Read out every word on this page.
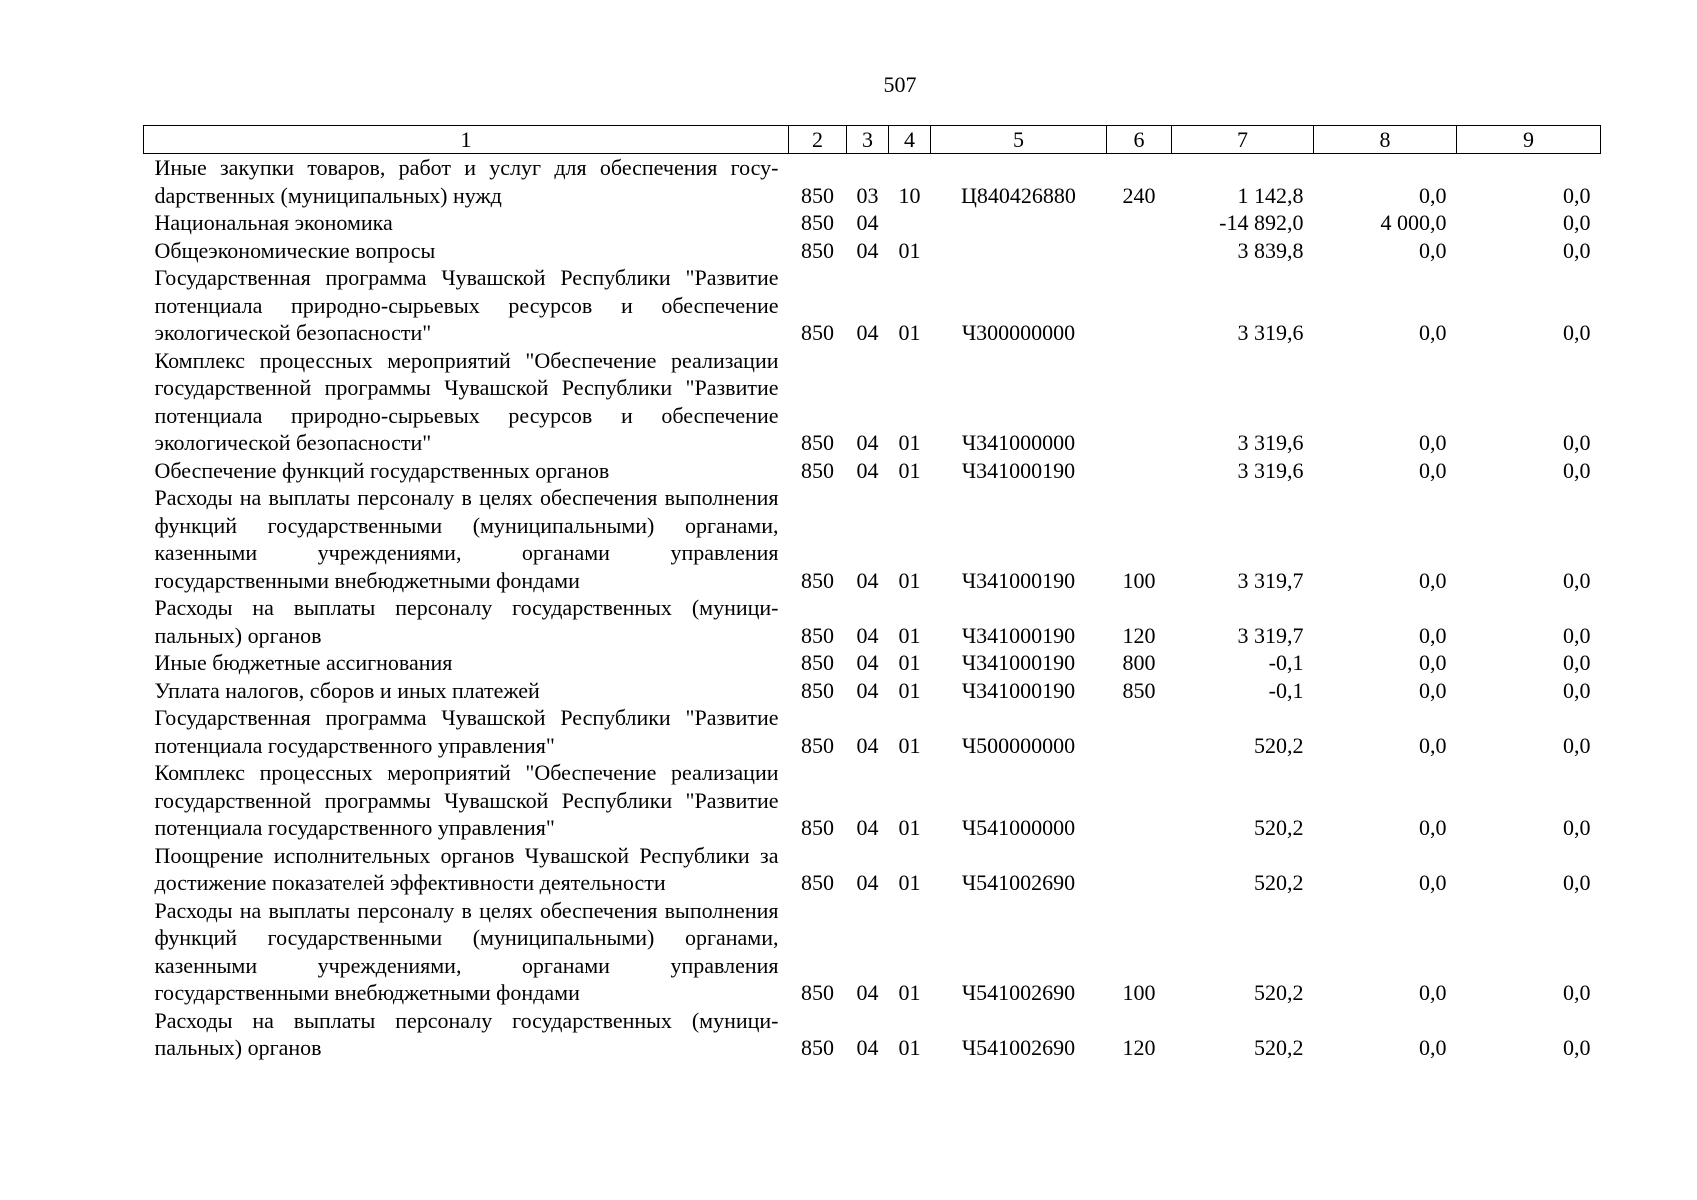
507
1	2	3	4	5	6	7	8	9
Иные закупки товаров, работ и услуг для обеспечения госуdарственных (муниципальных) нужд	850	03	10	Ц840426880	240	1 142,8	0,0	0,0
Национальная экономика	850	04				-14 892,0	4 000,0	0,0
Общеэкономические вопросы	850	04	01			3 839,8	0,0	0,0
Государственная программа Чувашской Республики "Развитие потенциала природно-сырьевых ресурсов и обеспечение экологической безопасности"	850	04	01	Ч300000000		3 319,6	0,0	0,0
Комплекс процессных мероприятий "Обеспечение реализации государственной программы Чувашской Республики "Развитие потенциала природно-сырьевых ресурсов и обеспечение экологической безопасности"	850	04	01	Ч341000000		3 319,6	0,0	0,0
Обеспечение функций государственных органов	850	04	01	Ч341000190		3 319,6	0,0	0,0
Расходы на выплаты персоналу в целях обеспечения выполнения функций государственными (муниципальными) органами, казенными учреждениями, органами управления государственными внебюджетными фондами	850	04	01	Ч341000190	100	3 319,7	0,0	0,0
Расходы на выплаты персоналу государственных (муниципальных) органов	850	04	01	Ч341000190	120	3 319,7	0,0	0,0
Иные бюджетные ассигнования	850	04	01	Ч341000190	800	-0,1	0,0	0,0
Уплата налогов, сборов и иных платежей	850	04	01	Ч341000190	850	-0,1	0,0	0,0
Государственная программа Чувашской Республики "Развитие потенциала государственного управления"	850	04	01	Ч500000000		520,2	0,0	0,0
Комплекс процессных мероприятий "Обеспечение реализации государственной программы Чувашской Республики "Развитие потенциала государственного управления"	850	04	01	Ч541000000		520,2	0,0	0,0
Поощрение исполнительных органов Чувашской Республики за достижение показателей эффективности деятельности	850	04	01	Ч541002690		520,2	0,0	0,0
Расходы на выплаты персоналу в целях обеспечения выполнения функций государственными (муниципальными) органами, казенными учреждениями, органами управления государственными внебюджетными фондами	850	04	01	Ч541002690	100	520,2	0,0	0,0
Расходы на выплаты персоналу государственных (муниципальных) органов	850	04	01	Ч541002690	120	520,2	0,0	0,0
